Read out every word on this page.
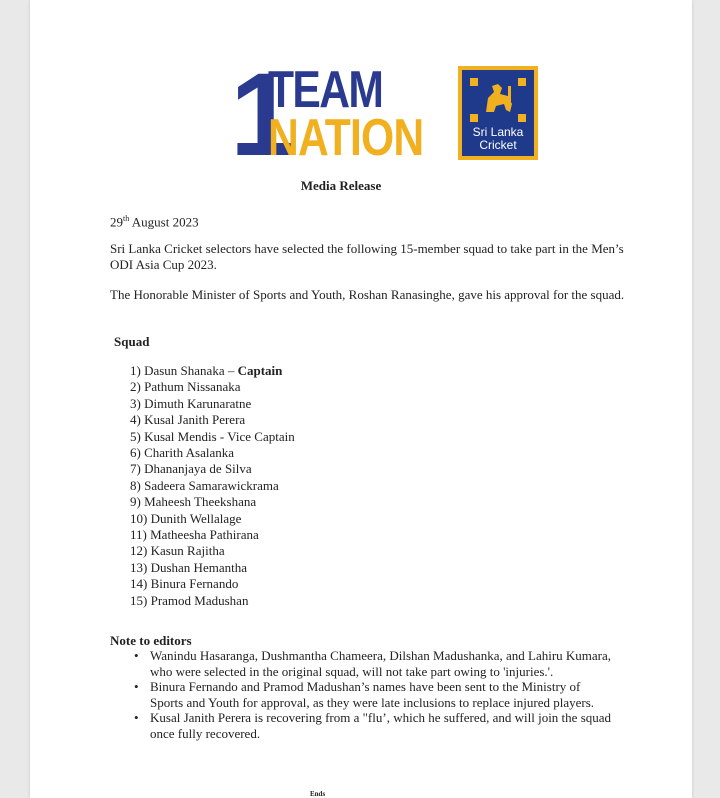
1
TEAM
NATION	Sri Lanka
Cricket
Media Release

29th August 2023

Sri Lanka Cricket selectors have selected the following 15-member squad to take part in the Men’s ODI Asia Cup 2023.

The Honorable Minister of Sports and Youth, Roshan Ranasinghe, gave his approval for the squad.

Squad
1) Dasun Shanaka – Captain
2) Pathum Nissanaka
3) Dimuth Karunaratne
4) Kusal Janith Perera
5) Kusal Mendis - Vice Captain
6) Charith Asalanka
7) Dhananjaya de Silva
8) Sadeera Samarawickrama
9) Maheesh Theekshana
10) Dunith Wellalage
11) Matheesha Pathirana
12) Kasun Rajitha
13) Dushan Hemantha
14) Binura Fernando
15) Pramod Madushan
Note to editors
• Wanindu Hasaranga, Dushmantha Chameera, Dilshan Madushanka, and Lahiru Kumara, who were selected in the original squad, will not take part owing to 'injuries.'.
• Binura Fernando and Pramod Madushan’s names have been sent to the Ministry of Sports and Youth for approval, as they were late inclusions to replace injured players.
• Kusal Janith Perera is recovering from a "flu’, which he suffered, and will join the squad once fully recovered.
Ends
